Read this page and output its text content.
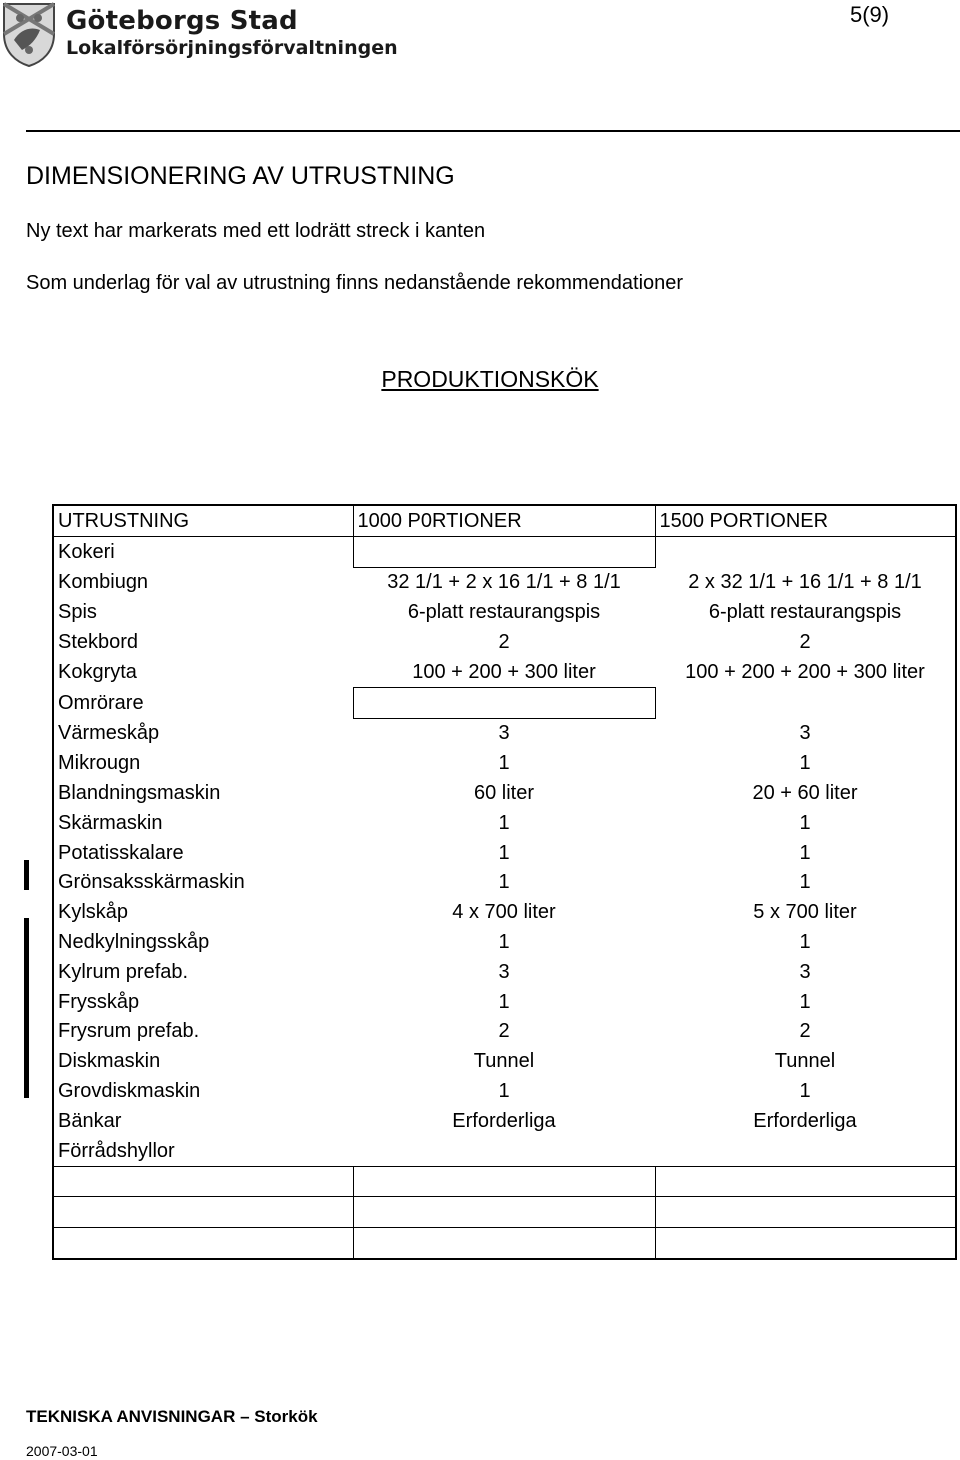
Göteborgs Stad
Lokalförsörjningsförvaltningen
5(9)
DIMENSIONERING AV UTRUSTNING
Ny text har markerats med ett lodrätt streck i kanten
Som underlag för val av utrustning finns nedanstående rekommendationer
PRODUKTIONSKÖK
UTRUSTNING	1000 P0RTIONER	1500 PORTIONER
Kokeri		
Kombiugn	32 1/1 + 2 x 16 1/1 + 8 1/1	2 x 32 1/1 + 16 1/1 + 8 1/1
Spis	6-platt restaurangspis	6-platt restaurangspis
Stekbord	2	2
Kokgryta	100 + 200 + 300 liter	100 + 200 + 200 + 300 liter
Omrörare		
Värmeskåp	3	3
Mikrougn	1	1
Blandningsmaskin	60 liter	20 + 60 liter
Skärmaskin	1	1
Potatisskalare	1	1
Grönsaksskärmaskin	1	1
Kylskåp	4 x 700 liter	5 x 700 liter
Nedkylningsskåp	1	1
Kylrum prefab.	3	3
Frysskåp	1	1
Frysrum prefab.	2	2
Diskmaskin	Tunnel	Tunnel
Grovdiskmaskin	1	1
Bänkar	Erforderliga	Erforderliga
Förrådshyllor		

TEKNISKA ANVISNINGAR – Storkök
2007-03-01
